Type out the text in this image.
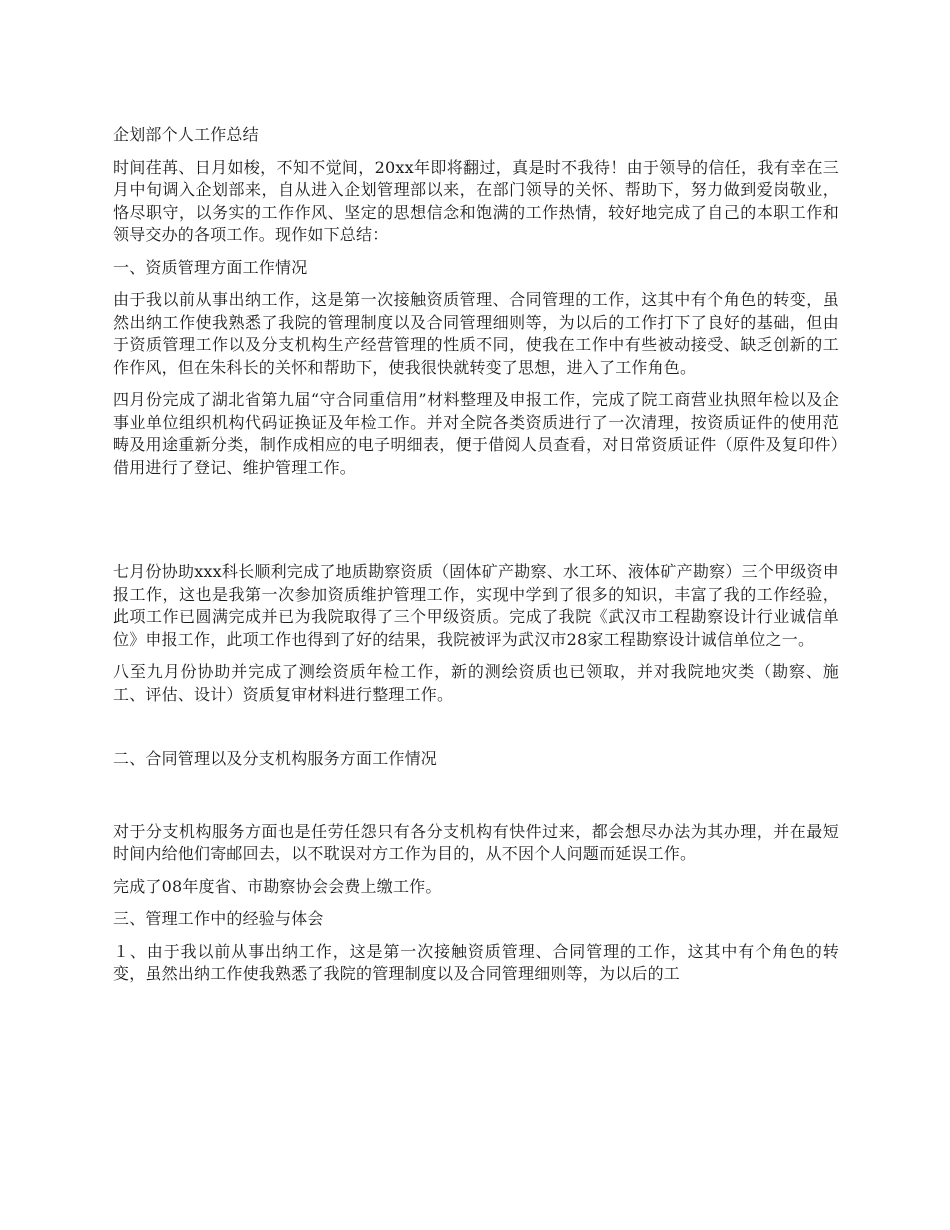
企划部个人工作总结

时间荏苒、日月如梭，不知不觉间，20xx年即将翻过，真是时不我待！由于领导的信任，我有幸在三月中旬调入企划部来，自从进入企划管理部以来，在部门领导的关怀、帮助下，努力做到爱岗敬业，恪尽职守，以务实的工作作风、坚定的思想信念和饱满的工作热情，较好地完成了自己的本职工作和领导交办的各项工作。现作如下总结：

一、资质管理方面工作情况

由于我以前从事出纳工作，这是第一次接触资质管理、合同管理的工作，这其中有个角色的转变，虽然出纳工作使我熟悉了我院的管理制度以及合同管理细则等，为以后的工作打下了良好的基础，但由于资质管理工作以及分支机构生产经营管理的性质不同，使我在工作中有些被动接受、缺乏创新的工作作风，但在朱科长的关怀和帮助下，使我很快就转变了思想，进入了工作角色。

四月份完成了湖北省第九届“守合同重信用”材料整理及申报工作，完成了院工商营业执照年检以及企事业单位组织机构代码证换证及年检工作。并对全院各类资质进行了一次清理，按资质证件的使用范畴及用途重新分类，制作成相应的电子明细表，便于借阅人员查看，对日常资质证件（原件及复印件）借用进行了登记、维护管理工作。

七月份协助xxx科长顺利完成了地质勘察资质（固体矿产勘察、水工环、液体矿产勘察）三个甲级资申报工作，这也是我第一次参加资质维护管理工作，实现中学到了很多的知识，丰富了我的工作经验，此项工作已圆满完成并已为我院取得了三个甲级资质。完成了我院《武汉市工程勘察设计行业诚信单位》申报工作，此项工作也得到了好的结果，我院被评为武汉市28家工程勘察设计诚信单位之一。

八至九月份协助并完成了测绘资质年检工作，新的测绘资质也已领取，并对我院地灾类（勘察、施工、评估、设计）资质复审材料进行整理工作。

二、合同管理以及分支机构服务方面工作情况

对于分支机构服务方面也是任劳任怨只有各分支机构有快件过来，都会想尽办法为其办理，并在最短时间内给他们寄邮回去，以不耽误对方工作为目的，从不因个人问题而延误工作。

完成了08年度省、市勘察协会会费上缴工作。

三、管理工作中的经验与体会

１、由于我以前从事出纳工作，这是第一次接触资质管理、合同管理的工作，这其中有个角色的转变，虽然出纳工作使我熟悉了我院的管理制度以及合同管理细则等，为以后的工
